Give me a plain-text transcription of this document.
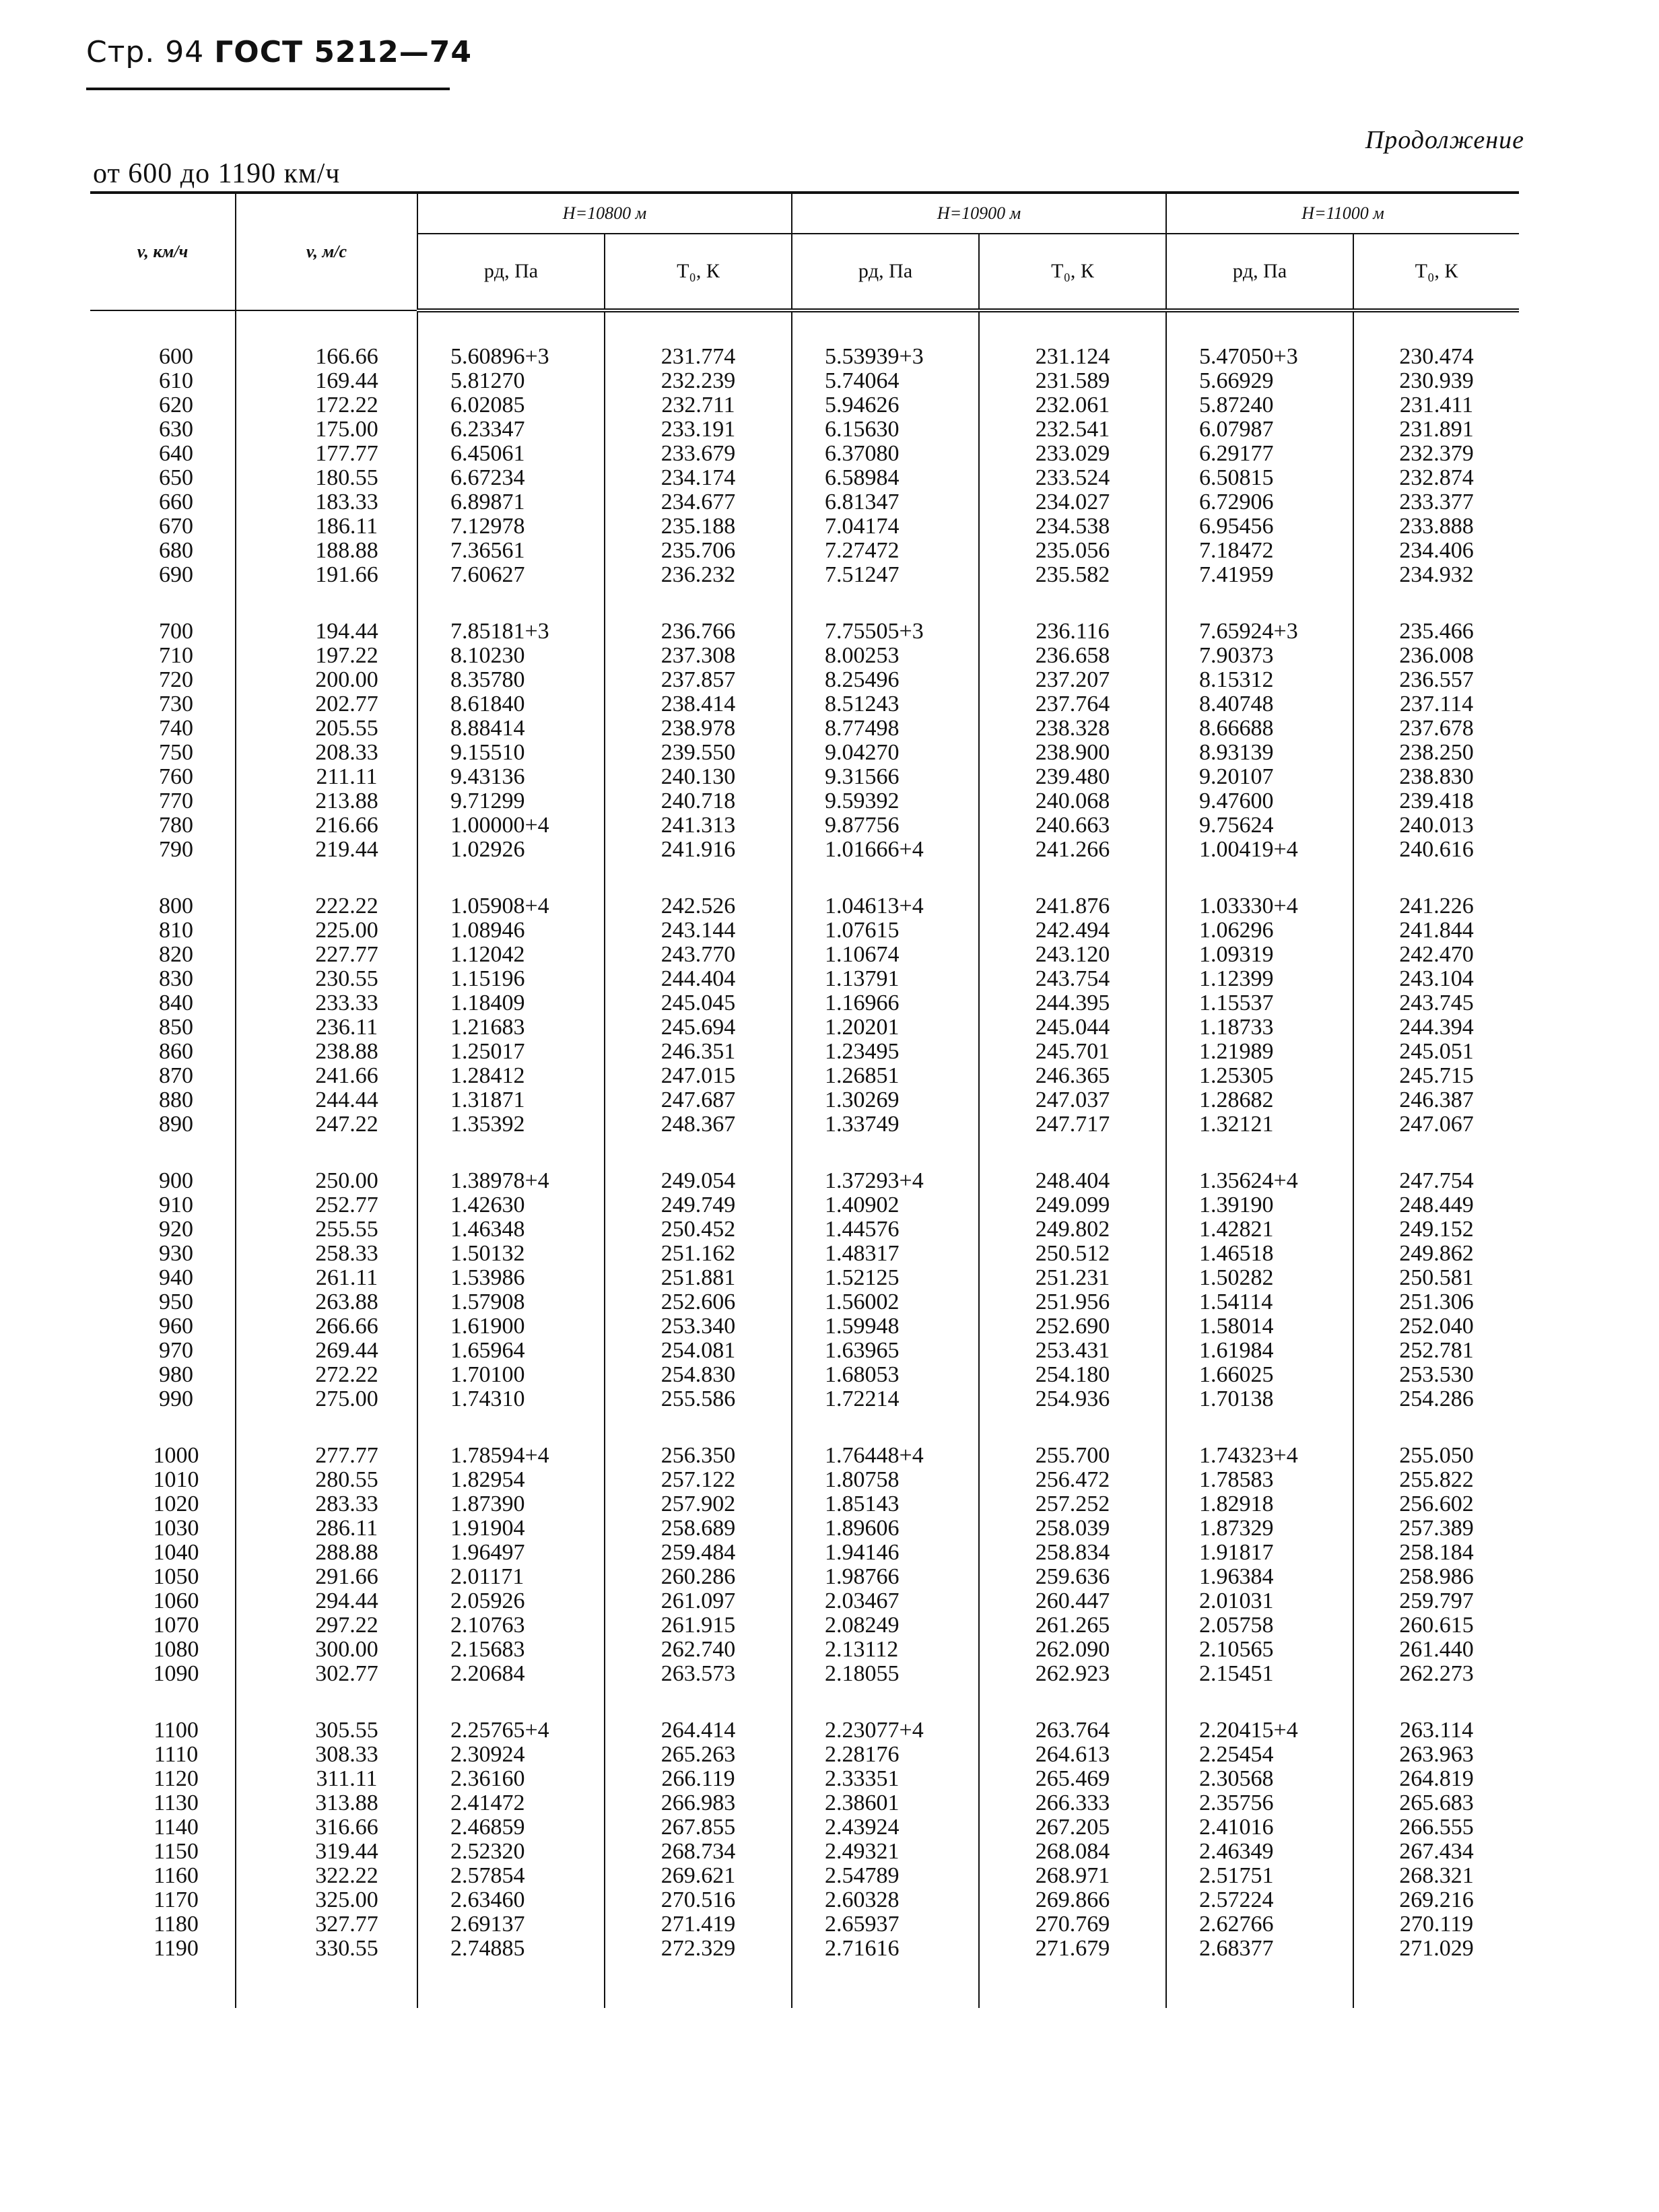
Стр. 94 ГОСТ 5212—74
Продолжение
от 600 до 1190 км/ч
v, км/ч	v, м/с	H=10800 м		H=10900 м		H=11000 м	
		pд, Па	T₀, К	pд, Па	T₀, К	pд, Па	T₀, К

600	166.66	5.60896+3	231.774	5.53939+3	231.124	5.47050+3	230.474
610	169.44	5.81270	232.239	5.74064	231.589	5.66929	230.939
620	172.22	6.02085	232.711	5.94626	232.061	5.87240	231.411
630	175.00	6.23347	233.191	6.15630	232.541	6.07987	231.891
640	177.77	6.45061	233.679	6.37080	233.029	6.29177	232.379
650	180.55	6.67234	234.174	6.58984	233.524	6.50815	232.874
660	183.33	6.89871	234.677	6.81347	234.027	6.72906	233.377
670	186.11	7.12978	235.188	7.04174	234.538	6.95456	233.888
680	188.88	7.36561	235.706	7.27472	235.056	7.18472	234.406
690	191.66	7.60627	236.232	7.51247	235.582	7.41959	234.932

700	194.44	7.85181+3	236.766	7.75505+3	236.116	7.65924+3	235.466
710	197.22	8.10230	237.308	8.00253	236.658	7.90373	236.008
720	200.00	8.35780	237.857	8.25496	237.207	8.15312	236.557
730	202.77	8.61840	238.414	8.51243	237.764	8.40748	237.114
740	205.55	8.88414	238.978	8.77498	238.328	8.66688	237.678
750	208.33	9.15510	239.550	9.04270	238.900	8.93139	238.250
760	211.11	9.43136	240.130	9.31566	239.480	9.20107	238.830
770	213.88	9.71299	240.718	9.59392	240.068	9.47600	239.418
780	216.66	1.00000+4	241.313	9.87756	240.663	9.75624	240.013
790	219.44	1.02926	241.916	1.01666+4	241.266	1.00419+4	240.616

800	222.22	1.05908+4	242.526	1.04613+4	241.876	1.03330+4	241.226
810	225.00	1.08946	243.144	1.07615	242.494	1.06296	241.844
820	227.77	1.12042	243.770	1.10674	243.120	1.09319	242.470
830	230.55	1.15196	244.404	1.13791	243.754	1.12399	243.104
840	233.33	1.18409	245.045	1.16966	244.395	1.15537	243.745
850	236.11	1.21683	245.694	1.20201	245.044	1.18733	244.394
860	238.88	1.25017	246.351	1.23495	245.701	1.21989	245.051
870	241.66	1.28412	247.015	1.26851	246.365	1.25305	245.715
880	244.44	1.31871	247.687	1.30269	247.037	1.28682	246.387
890	247.22	1.35392	248.367	1.33749	247.717	1.32121	247.067

900	250.00	1.38978+4	249.054	1.37293+4	248.404	1.35624+4	247.754
910	252.77	1.42630	249.749	1.40902	249.099	1.39190	248.449
920	255.55	1.46348	250.452	1.44576	249.802	1.42821	249.152
930	258.33	1.50132	251.162	1.48317	250.512	1.46518	249.862
940	261.11	1.53986	251.881	1.52125	251.231	1.50282	250.581
950	263.88	1.57908	252.606	1.56002	251.956	1.54114	251.306
960	266.66	1.61900	253.340	1.59948	252.690	1.58014	252.040
970	269.44	1.65964	254.081	1.63965	253.431	1.61984	252.781
980	272.22	1.70100	254.830	1.68053	254.180	1.66025	253.530
990	275.00	1.74310	255.586	1.72214	254.936	1.70138	254.286

1000	277.77	1.78594+4	256.350	1.76448+4	255.700	1.74323+4	255.050
1010	280.55	1.82954	257.122	1.80758	256.472	1.78583	255.822
1020	283.33	1.87390	257.902	1.85143	257.252	1.82918	256.602
1030	286.11	1.91904	258.689	1.89606	258.039	1.87329	257.389
1040	288.88	1.96497	259.484	1.94146	258.834	1.91817	258.184
1050	291.66	2.01171	260.286	1.98766	259.636	1.96384	258.986
1060	294.44	2.05926	261.097	2.03467	260.447	2.01031	259.797
1070	297.22	2.10763	261.915	2.08249	261.265	2.05758	260.615
1080	300.00	2.15683	262.740	2.13112	262.090	2.10565	261.440
1090	302.77	2.20684	263.573	2.18055	262.923	2.15451	262.273

1100	305.55	2.25765+4	264.414	2.23077+4	263.764	2.20415+4	263.114
1110	308.33	2.30924	265.263	2.28176	264.613	2.25454	263.963
1120	311.11	2.36160	266.119	2.33351	265.469	2.30568	264.819
1130	313.88	2.41472	266.983	2.38601	266.333	2.35756	265.683
1140	316.66	2.46859	267.855	2.43924	267.205	2.41016	266.555
1150	319.44	2.52320	268.734	2.49321	268.084	2.46349	267.434
1160	322.22	2.57854	269.621	2.54789	268.971	2.51751	268.321
1170	325.00	2.63460	270.516	2.60328	269.866	2.57224	269.216
1180	327.77	2.69137	271.419	2.65937	270.769	2.62766	270.119
1190	330.55	2.74885	272.329	2.71616	271.679	2.68377	271.029
